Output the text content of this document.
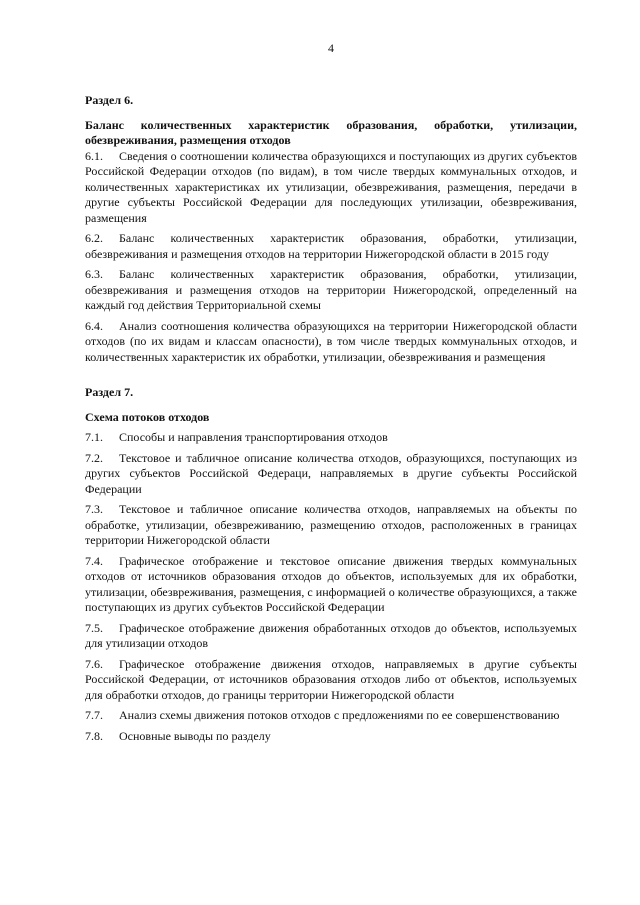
4

Раздел 6.

Баланс количественных характеристик образования, обработки, утилизации, обезвреживания, размещения отходов

6.1. Сведения о соотношении количества образующихся и поступающих из других субъектов Российской Федерации отходов (по видам), в том числе твердых коммунальных отходов, и количественных характеристиках их утилизации, обезвреживания, размещения, передачи в другие субъекты Российской Федерации для последующих утилизации, обезвреживания, размещения

6.2. Баланс количественных характеристик образования, обработки, утилизации, обезвреживания и размещения отходов на территории Нижегородской области в 2015 году

6.3. Баланс количественных характеристик образования, обработки, утилизации, обезвреживания и размещения отходов на территории Нижегородской, определенный на каждый год действия Территориальной схемы

6.4. Анализ соотношения количества образующихся на территории Нижегородской области отходов (по их видам и классам опасности), в том числе твердых коммунальных отходов, и количественных характеристик их обработки, утилизации, обезвреживания и размещения

Раздел 7.

Схема потоков отходов

7.1. Способы и направления транспортирования отходов

7.2. Текстовое и табличное описание количества отходов, образующихся, поступающих из других субъектов Российской Федераци, направляемых в другие субъекты Российской Федерации

7.3. Текстовое и табличное описание количества отходов, направляемых на объекты по обработке, утилизации, обезвреживанию, размещению отходов, расположенных в границах территории Нижегородской области

7.4. Графическое отображение и текстовое описание движения твердых коммунальных отходов от источников образования отходов до объектов, используемых для их обработки, утилизации, обезвреживания, размещения, с информацией о количестве образующихся, а также поступающих из других субъектов Российской Федерации

7.5. Графическое отображение движения обработанных отходов до объектов, используемых для утилизации отходов

7.6. Графическое отображение движения отходов, направляемых в другие субъекты Российской Федерации, от источников образования отходов либо от объектов, используемых для обработки отходов, до границы территории Нижегородской области

7.7. Анализ схемы движения потоков отходов с предложениями по ее совершенствованию

7.8. Основные выводы по разделу
